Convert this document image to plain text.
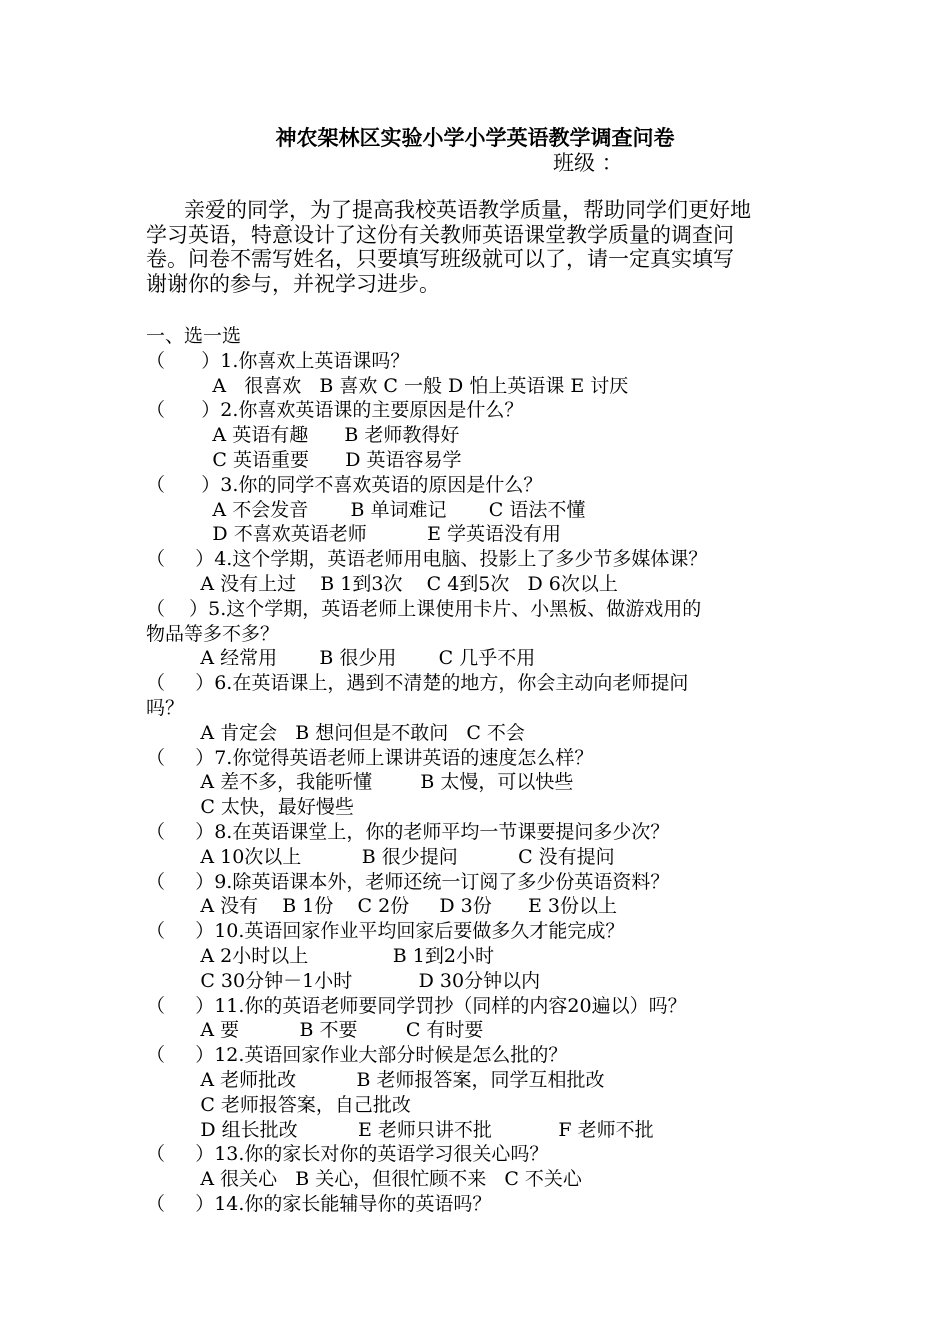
神农架林区实验小学小学英语教学调查问卷
班级 ：
亲爱的同学，为了提高我校英语教学质量，帮助同学们更好地
学习英语，特意设计了这份有关教师英语课堂教学质量的调查问
卷。问卷不需写姓名，只要填写班级就可以了，请一定真实填写
谢谢你的参与，并祝学习进步。
一、选一选
（      ）1.你喜欢上英语课吗？
A   很喜欢   B 喜欢 C 一般 D 怕上英语课 E 讨厌
（      ）2.你喜欢英语课的主要原因是什么？
A 英语有趣      B 老师教得好
C 英语重要      D 英语容易学
（      ）3.你的同学不喜欢英语的原因是什么？
A 不会发音       B 单词难记       C 语法不懂
D 不喜欢英语老师          E 学英语没有用
（     ）4.这个学期，英语老师用电脑、投影上了多少节多媒体课？
A 没有上过    B 1到3次    C 4到5次   D 6次以上
（    ）5.这个学期，英语老师上课使用卡片、小黑板、做游戏用的
物品等多不多？
A 经常用       B 很少用       C 几乎不用
（     ）6.在英语课上，遇到不清楚的地方，你会主动向老师提问
吗？
A 肯定会   B 想问但是不敢问   C 不会
（     ）7.你觉得英语老师上课讲英语的速度怎么样？
A 差不多，我能听懂        B 太慢，可以快些
C 太快，最好慢些
（     ）8.在英语课堂上，你的老师平均一节课要提问多少次？
A 10次以上          B 很少提问          C 没有提问
（     ）9.除英语课本外，老师还统一订阅了多少份英语资料？
A 没有    B 1份    C 2份     D 3份      E 3份以上
（     ）10.英语回家作业平均回家后要做多久才能完成？
A 2小时以上              B 1到2小时
C 30分钟－1小时           D 30分钟以内
（     ）11.你的英语老师要同学罚抄（同样的内容20遍以）吗？
A 要          B 不要        C 有时要
（     ）12.英语回家作业大部分时候是怎么批的？
A 老师批改          B 老师报答案，同学互相批改
C 老师报答案，自己批改
D 组长批改          E 老师只讲不批           F 老师不批
（     ）13.你的家长对你的英语学习很关心吗？
A 很关心   B 关心，但很忙顾不来   C 不关心
（     ）14.你的家长能辅导你的英语吗？
